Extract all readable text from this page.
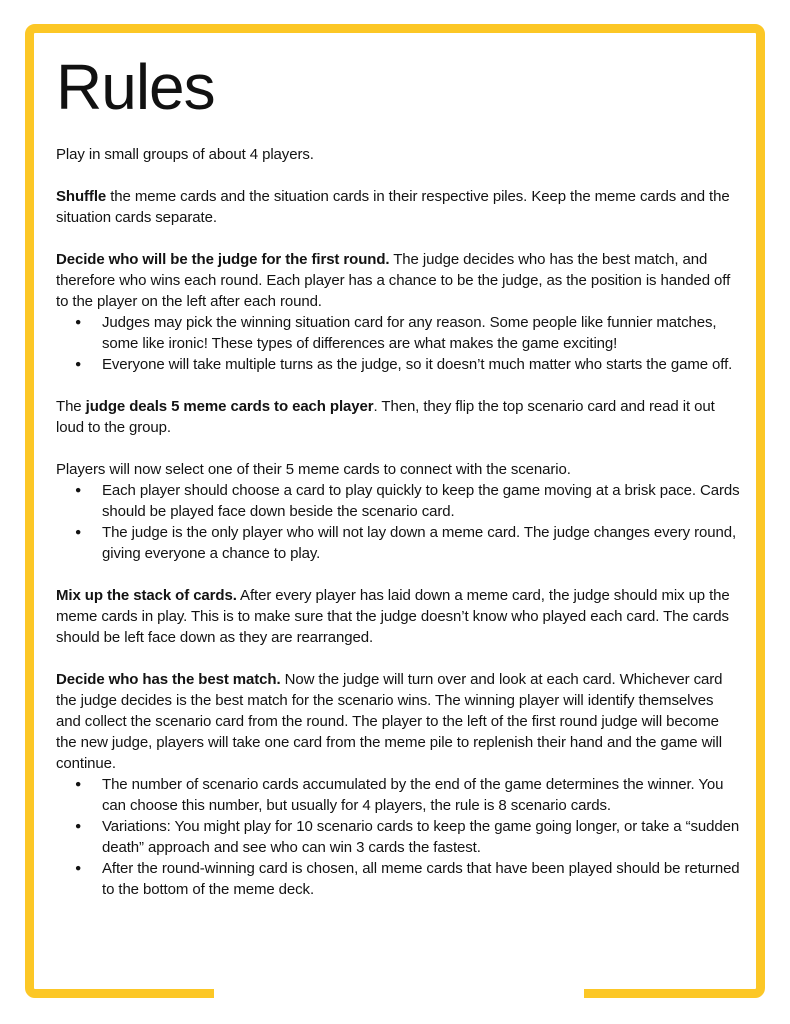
Rules

Play in small groups of about 4 players.

Shuffle the meme cards and the situation cards in their respective piles. Keep the meme cards and the situation cards separate.

Decide who will be the judge for the first round. The judge decides who has the best match, and therefore who wins each round. Each player has a chance to be the judge, as the position is handed off to the player on the left after each round.

● Judges may pick the winning situation card for any reason. Some people like funnier matches, some like ironic! These types of differences are what makes the game exciting!
● Everyone will take multiple turns as the judge, so it doesn’t much matter who starts the game off.

The judge deals 5 meme cards to each player. Then, they flip the top scenario card and read it out loud to the group.

Players will now select one of their 5 meme cards to connect with the scenario.

● Each player should choose a card to play quickly to keep the game moving at a brisk pace. Cards should be played face down beside the scenario card.
● The judge is the only player who will not lay down a meme card. The judge changes every round, giving everyone a chance to play.

Mix up the stack of cards. After every player has laid down a meme card, the judge should mix up the meme cards in play. This is to make sure that the judge doesn’t know who played each card. The cards should be left face down as they are rearranged.

Decide who has the best match. Now the judge will turn over and look at each card. Whichever card the judge decides is the best match for the scenario wins. The winning player will identify themselves and collect the scenario card from the round. The player to the left of the first round judge will become the new judge, players will take one card from the meme pile to replenish their hand and the game will continue.

● The number of scenario cards accumulated by the end of the game determines the winner. You can choose this number, but usually for 4 players, the rule is 8 scenario cards.
● Variations: You might play for 10 scenario cards to keep the game going longer, or take a “sudden death” approach and see who can win 3 cards the fastest.
● After the round-winning card is chosen, all meme cards that have been played should be returned to the bottom of the meme deck.
